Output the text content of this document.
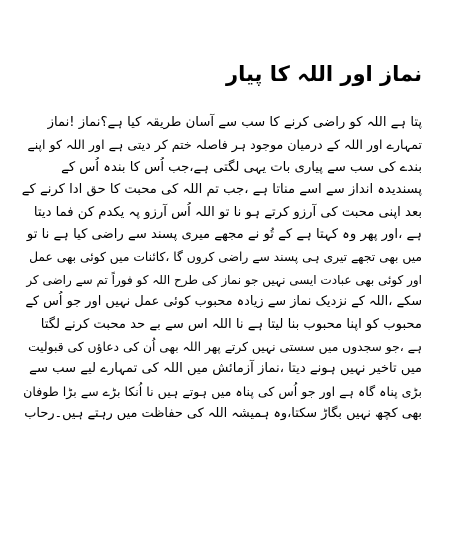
نماز اور اللہ کا پیار
پتا ہے اللہ کو راضی کرنے کا سب سے آسان طریقہ کیا ہے؟نماز !نماز
تمہارے اور اللہ کے درمیان موجود ہر فاصلہ ختم کر دیتی ہے اور اللہ کو اپنے
بندے کی سب سے پیاری بات یہی لگتی ہے،جب اُس کا بندہ اُس کے
پسندیدہ انداز سے اسے مناتا ہے ،جب تم اللہ کی محبت کا حق ادا کرنے کے
بعد اپنی محبت کی آرزو کرتے ہو نا تو اللہ اُس آرزو پہ یکدم کن فما دیتا
ہے ،اور پھر وہ کہتا ہے کے تُو نے مجھے میری پسند سے راضی کیا ہے نا تو
میں بھی تجھے تیری ہی پسند سے راضی کروں گا ،کائنات میں کوئی بھی عمل
اور کوئی بھی عبادت ایسی نہیں جو نماز کی طرح اللہ کو فوراً تم سے راضی کر
سکے ،اللہ کے نزدیک نماز سے زیادہ محبوب کوئی عمل نہیں اور جو اُس کے
محبوب کو اپنا محبوب بنا لیتا ہے نا اللہ اس سے بے حد محبت کرنے لگتا
ہے ،جو سجدوں میں سستی نہیں کرتے پھر اللہ بھی اُن کی دعاؤں کی قبولیت
میں تاخیر نہیں ہونے دیتا ،نماز آزمائش میں اللہ کی تمہارے لیے سب سے
بڑی پناہ گاہ ہے اور جو اُس کی پناہ میں ہوتے ہیں نا اُنکا بڑے سے بڑا طوفان
بھی کچھ نہیں بگاڑ سکتا،وہ ہمیشہ اللہ کی حفاظت میں رہتے ہیں۔رحاب
